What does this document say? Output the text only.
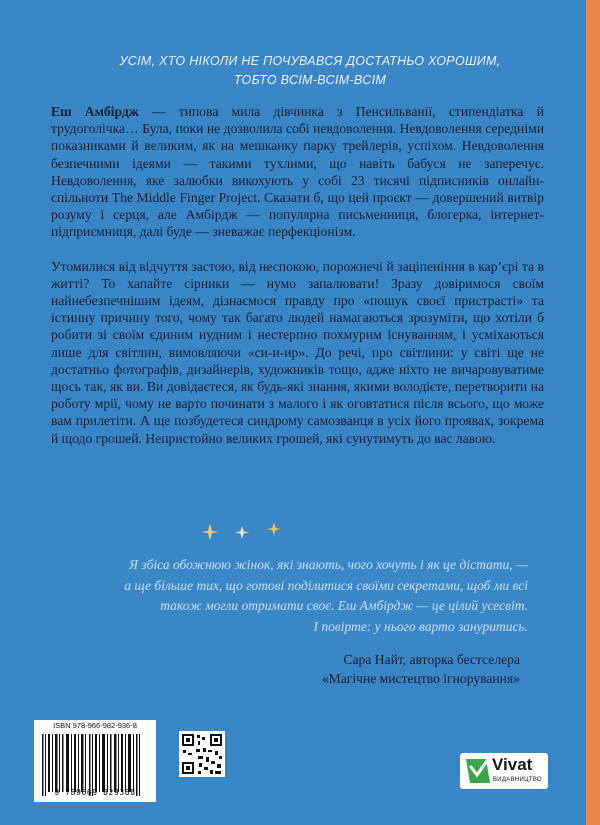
УСІМ, ХТО НІКОЛИ НЕ ПОЧУВАВСЯ ДОСТАТНЬО ХОРОШИМ,
ТОБТО ВСІМ-ВСІМ-ВСІМ

Еш Амбірдж — типова мила дівчинка з Пенсильванії, стипендіатка й трудоголічка… Була, поки не дозволила собі невдоволення. Невдоволення середніми показниками й великим, як на мешканку парку трейлерів, успіхом. Невдоволення безпечними ідеями — такими тухлими, що навіть бабуся не заперечує. Невдоволення, яке залюбки викохують у собі 23 тисячі підписників онлайн-спільноти The Middle Finger Project. Сказати б, що цей проєкт — довершений витвір розуму і серця, але Амбірдж — популярна письменниця, блогерка, інтернет-підприємниця, далі буде — зневажає перфекціонізм.

Утомилися від відчуття застою, від неспокою, порожнечі й заціпеніння в кар’єрі та в житті? То хапайте сірники — нумо запалювати! Зразу довіримося своїм найнебезпечнішим ідеям, дізнаємося правду про «пошук своєї пристрасті» та істинну причину того, чому так багато людей намагаються зрозуміти, що хотіли б робити зі своїм єдиним нудним і нестерпно похмурим існуванням, і усміхаються лише для світлин, вимовляючи «си-и-ир». До речі, про світлини: у світі ще не достатньо фотографів, дизайнерів, художників тощо, адже ніхто не вичаровуватиме щось так, як ви. Ви довідаєтеся, як будь-які знання, якими володієте, перетворити на роботу мрії, чому не варто починати з малого і як оговтатися після всього, що може вам прилетіти. А ще позбудетеся синдрому самозванця в усіх його проявах, зокрема й щодо грошей. Непристойно великих грошей, які сунутимуть до вас лавою.

Я збіса обожнюю жінок, які знають, чого хочуть і як це дістати, —
а ще більше тих, що готові поділитися своїми секретами, щоб ми всі
також могли отримати своє. Еш Амбірдж — це цілий усесвіт.
І повірте: у нього варто зануритись.
Сара Найт, авторка бестселера
«Магічне мистецтво ігнорування»
ISBN 978-966-982-936-8
9 789669 829368
Vivat
ВИДАВНИЦТВО
